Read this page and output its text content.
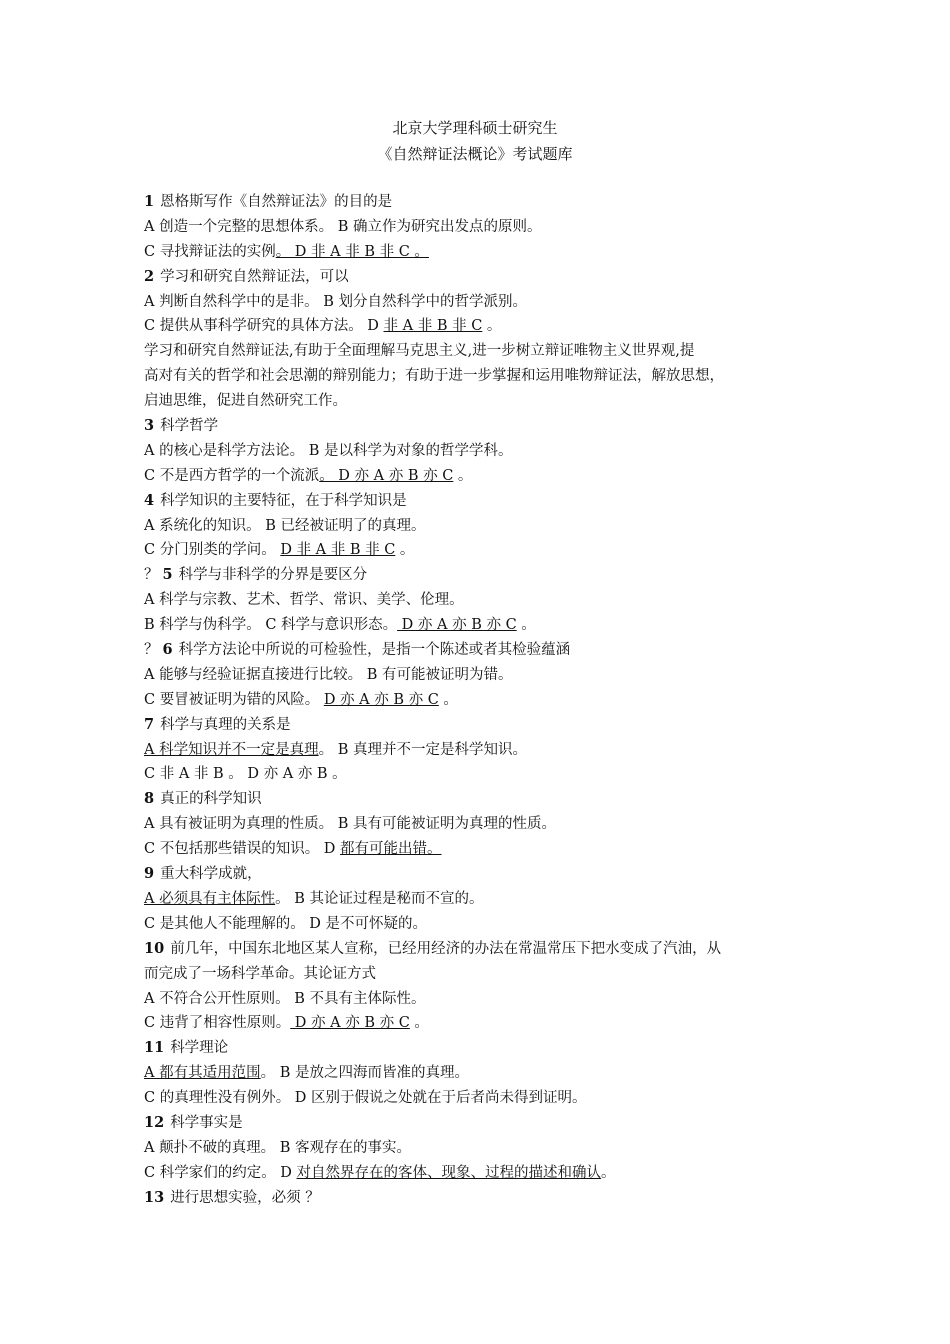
北京大学理科硕士研究生
《自然辩证法概论》考试题库
1 恩格斯写作《自然辩证法》的目的是
A 创造一个完整的思想体系。 B 确立作为研究出发点的原则。
C 寻找辩证法的实例。 D 非 A 非 B 非 C 。
2 学习和研究自然辩证法，可以
A 判断自然科学中的是非。 B 划分自然科学中的哲学派别。
C 提供从事科学研究的具体方法。 D 非 A 非 B 非 C 。
学习和研究自然辩证法,有助于全面理解马克思主义,进一步树立辩证唯物主义世界观,提
高对有关的哲学和社会思潮的辩别能力；有助于进一步掌握和运用唯物辩证法，解放思想，
启迪思维，促进自然研究工作。
3 科学哲学
A 的核心是科学方法论。 B 是以科学为对象的哲学学科。
C 不是西方哲学的一个流派。 D 亦 A 亦 B 亦 C 。
4 科学知识的主要特征，在于科学知识是
A 系统化的知识。 B 已经被证明了的真理。
C 分门别类的学问。 D 非 A 非 B 非 C 。
？ 5 科学与非科学的分界是要区分
A 科学与宗教、艺术、哲学、常识、美学、伦理。
B 科学与伪科学。 C 科学与意识形态。 D 亦 A 亦 B 亦 C 。
？ 6 科学方法论中所说的可检验性，是指一个陈述或者其检验蕴涵
A 能够与经验证据直接进行比较。 B 有可能被证明为错。
C 要冒被证明为错的风险。 D 亦 A 亦 B 亦 C 。
7 科学与真理的关系是
A 科学知识并不一定是真理。 B 真理并不一定是科学知识。
C 非 A 非 B 。 D 亦 A 亦 B 。
8 真正的科学知识
A 具有被证明为真理的性质。 B 具有可能被证明为真理的性质。
C 不包括那些错误的知识。 D 都有可能出错。
9 重大科学成就，
A 必须具有主体际性。 B 其论证过程是秘而不宣的。
C 是其他人不能理解的。 D 是不可怀疑的。
10 前几年，中国东北地区某人宣称，已经用经济的办法在常温常压下把水变成了汽油，从
而完成了一场科学革命。其论证方式
A 不符合公开性原则。 B 不具有主体际性。
C 违背了相容性原则。 D 亦 A 亦 B 亦 C 。
11 科学理论
A 都有其适用范围。 B 是放之四海而皆准的真理。
C 的真理性没有例外。 D 区别于假说之处就在于后者尚未得到证明。
12 科学事实是
A 颠扑不破的真理。 B 客观存在的事实。
C 科学家们的约定。 D 对自然界存在的客体、现象、过程的描述和确认。
13 进行思想实验，必须 ？
